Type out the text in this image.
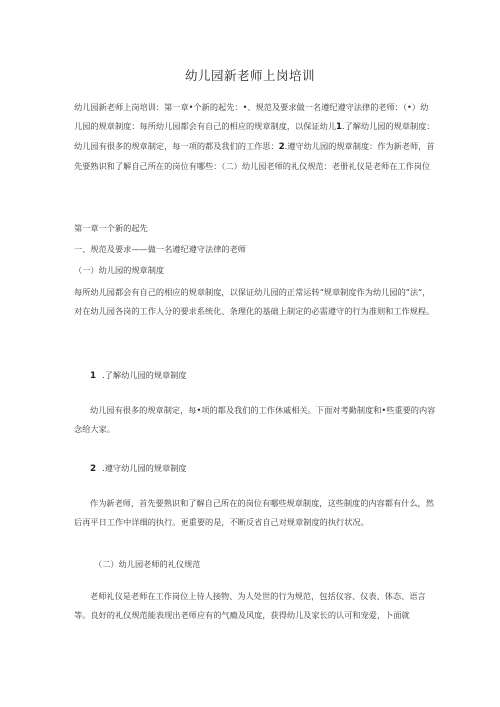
幼儿园新老师上岗培训

幼儿园新老师上岗培训：第一章•个新的起先：•、规范及要求做一名遵纪遵守法律的老师：（•）幼儿园的规章制度：每所幼儿园都会有自己的相应的规章制度，以保证幼儿1.了解幼儿园的规章制度：幼儿园有很多的规章制定，每一项的都及我们的工作思：2.遵守幼儿园的规章制度：作为新老师，首先要熟识和了解自己所在的岗位有哪些：（二）幼儿园老师的礼仪规范：老册礼仪是老师在工作岗位

第一章一个新的起先

一、规范及要求——做一名遵纪遵守法律的老师

（一）幼儿园的规章制度

每所幼儿园都会有自己的相应的规章制度，以保证幼儿园的正常运转“规章制度作为幼儿园的“法”，对在幼儿园各岗的工作人分的要求系统化、条理化的基础上制定的必需遵守的行为准则和工作规程。

1 .了解幼儿园的规章制度

幼儿园有很多的规章制定，每•项的都及我们的工作休戚相关。下面对考勤制度和•些重要的内容念给大家。

2 .遵守幼儿园的规章制度

作为新老师，首先要熟识和了解自己所在的岗位有哪些规章制度，这些制度的内容都有什么，然后再平日工作中详细的执行。更重要的是，不断反省自己对规章制度的执行状况。

（二）幼儿园老师的礼仪规范

老师礼仪是老师在工作岗位上待人接物、为人处世的行为规范，包括仪容、仪表、体态、语言等。良好的礼仪规范能表现出老师应有的气瘾及风度，获得幼儿及家长的认可和宠爱，卜面就
